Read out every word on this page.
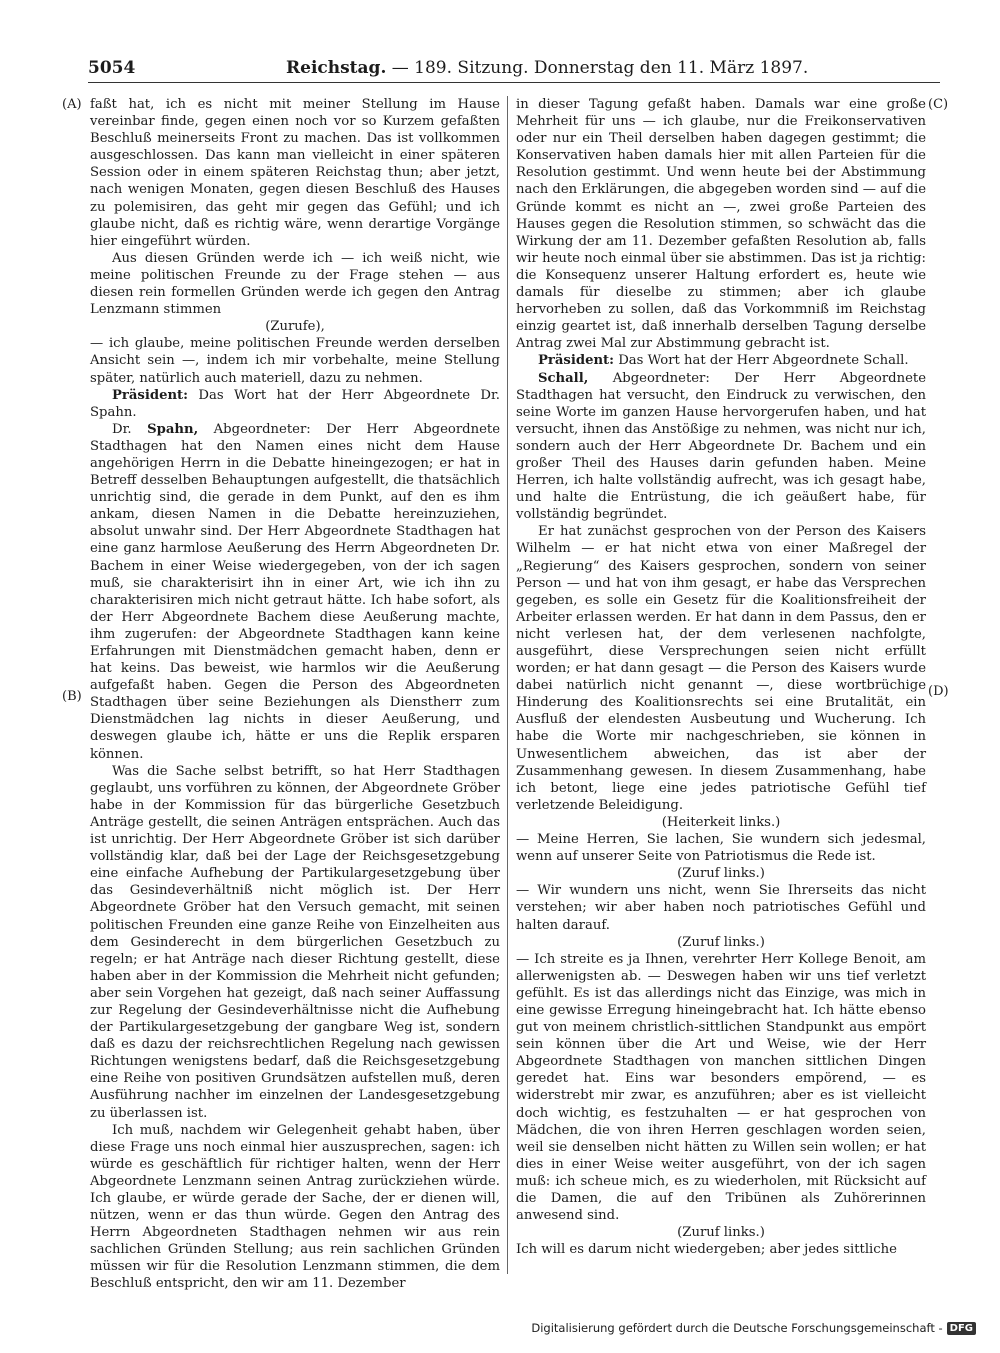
5054	Reichstag. — 189. Sitzung. Donnerstag den 11. März 1897.
(A)
(B)
(C)
(D)

faßt hat, ich es nicht mit meiner Stellung im Hause vereinbar finde, gegen einen noch vor so Kurzem gefaßten Beschluß meinerseits Front zu machen. Das ist vollkommen ausgeschlossen. Das kann man vielleicht in einer späteren Session oder in einem späteren Reichstag thun; aber jetzt, nach wenigen Monaten, gegen diesen Beschluß des Hauses zu polemisiren, das geht mir gegen das Gefühl; und ich glaube nicht, daß es richtig wäre, wenn derartige Vorgänge hier eingeführt würden.

Aus diesen Gründen werde ich — ich weiß nicht, wie meine politischen Freunde zu der Frage stehen — aus diesen rein formellen Gründen werde ich gegen den Antrag Lenzmann stimmen

(Zurufe),

— ich glaube, meine politischen Freunde werden derselben Ansicht sein —, indem ich mir vorbehalte, meine Stellung später, natürlich auch materiell, dazu zu nehmen.

Präsident: Das Wort hat der Herr Abgeordnete Dr. Spahn.

Dr. Spahn, Abgeordneter: Der Herr Abgeordnete Stadthagen hat den Namen eines nicht dem Hause angehörigen Herrn in die Debatte hineingezogen; er hat in Betreff desselben Behauptungen aufgestellt, die thatsächlich unrichtig sind, die gerade in dem Punkt, auf den es ihm ankam, diesen Namen in die Debatte hereinzuziehen, absolut unwahr sind. Der Herr Abgeordnete Stadthagen hat eine ganz harmlose Aeußerung des Herrn Abgeordneten Dr. Bachem in einer Weise wiedergegeben, von der ich sagen muß, sie charakterisirt ihn in einer Art, wie ich ihn zu charakterisiren mich nicht getraut hätte. Ich habe sofort, als der Herr Abgeordnete Bachem diese Aeußerung machte, ihm zugerufen: der Abgeordnete Stadthagen kann keine Erfahrungen mit Dienstmädchen gemacht haben, denn er hat keins. Das beweist, wie harmlos wir die Aeußerung aufgefaßt haben. Gegen die Person des Abgeordneten Stadthagen über seine Beziehungen als Dienstherr zum Dienstmädchen lag nichts in dieser Aeußerung, und deswegen glaube ich, hätte er uns die Replik ersparen können.

Was die Sache selbst betrifft, so hat Herr Stadthagen geglaubt, uns vorführen zu können, der Abgeordnete Gröber habe in der Kommission für das bürgerliche Gesetzbuch Anträge gestellt, die seinen Anträgen entsprächen. Auch das ist unrichtig. Der Herr Abgeordnete Gröber ist sich darüber vollständig klar, daß bei der Lage der Reichsgesetzgebung eine einfache Aufhebung der Partikulargesetzgebung über das Gesindeverhältniß nicht möglich ist. Der Herr Abgeordnete Gröber hat den Versuch gemacht, mit seinen politischen Freunden eine ganze Reihe von Einzelheiten aus dem Gesinderecht in dem bürgerlichen Gesetzbuch zu regeln; er hat Anträge nach dieser Richtung gestellt, diese haben aber in der Kommission die Mehrheit nicht gefunden; aber sein Vorgehen hat gezeigt, daß nach seiner Auffassung zur Regelung der Gesindeverhältnisse nicht die Aufhebung der Partikulargesetzgebung der gangbare Weg ist, sondern daß es dazu der reichsrechtlichen Regelung nach gewissen Richtungen wenigstens bedarf, daß die Reichsgesetzgebung eine Reihe von positiven Grundsätzen aufstellen muß, deren Ausführung nachher im einzelnen der Landesgesetzgebung zu überlassen ist.

Ich muß, nachdem wir Gelegenheit gehabt haben, über diese Frage uns noch einmal hier auszusprechen, sagen: ich würde es geschäftlich für richtiger halten, wenn der Herr Abgeordnete Lenzmann seinen Antrag zurückziehen würde. Ich glaube, er würde gerade der Sache, der er dienen will, nützen, wenn er das thun würde. Gegen den Antrag des Herrn Abgeordneten Stadthagen nehmen wir aus rein sachlichen Gründen Stellung; aus rein sachlichen Gründen müssen wir für die Resolution Lenzmann stimmen, die dem Beschluß entspricht, den wir am 11. Dezember

in dieser Tagung gefaßt haben. Damals war eine große Mehrheit für uns — ich glaube, nur die Freikonservativen oder nur ein Theil derselben haben dagegen gestimmt; die Konservativen haben damals hier mit allen Parteien für die Resolution gestimmt. Und wenn heute bei der Abstimmung nach den Erklärungen, die abgegeben worden sind — auf die Gründe kommt es nicht an —, zwei große Parteien des Hauses gegen die Resolution stimmen, so schwächt das die Wirkung der am 11. Dezember gefaßten Resolution ab, falls wir heute noch einmal über sie abstimmen. Das ist ja richtig: die Konsequenz unserer Haltung erfordert es, heute wie damals für dieselbe zu stimmen; aber ich glaube hervorheben zu sollen, daß das Vorkommniß im Reichstag einzig geartet ist, daß innerhalb derselben Tagung derselbe Antrag zwei Mal zur Abstimmung gebracht ist.

Präsident: Das Wort hat der Herr Abgeordnete Schall.

Schall, Abgeordneter: Der Herr Abgeordnete Stadthagen hat versucht, den Eindruck zu verwischen, den seine Worte im ganzen Hause hervorgerufen haben, und hat versucht, ihnen das Anstößige zu nehmen, was nicht nur ich, sondern auch der Herr Abgeordnete Dr. Bachem und ein großer Theil des Hauses darin gefunden haben. Meine Herren, ich halte vollständig aufrecht, was ich gesagt habe, und halte die Entrüstung, die ich geäußert habe, für vollständig begründet.

Er hat zunächst gesprochen von der Person des Kaisers Wilhelm — er hat nicht etwa von einer Maßregel der „Regierung“ des Kaisers gesprochen, sondern von seiner Person — und hat von ihm gesagt, er habe das Versprechen gegeben, es solle ein Gesetz für die Koalitionsfreiheit der Arbeiter erlassen werden. Er hat dann in dem Passus, den er nicht verlesen hat, der dem verlesenen nachfolgte, ausgeführt, diese Versprechungen seien nicht erfüllt worden; er hat dann gesagt — die Person des Kaisers wurde dabei natürlich nicht genannt —, diese wortbrüchige Hinderung des Koalitionsrechts sei eine Brutalität, ein Ausfluß der elendesten Ausbeutung und Wucherung. Ich habe die Worte mir nachgeschrieben, sie können in Unwesentlichem abweichen, das ist aber der Zusammenhang gewesen. In diesem Zusammenhang, habe ich betont, liege eine jedes patriotische Gefühl tief verletzende Beleidigung.

(Heiterkeit links.)

— Meine Herren, Sie lachen, Sie wundern sich jedesmal, wenn auf unserer Seite von Patriotismus die Rede ist.

(Zuruf links.)

— Wir wundern uns nicht, wenn Sie Ihrerseits das nicht verstehen; wir aber haben noch patriotisches Gefühl und halten darauf.

(Zuruf links.)

— Ich streite es ja Ihnen, verehrter Herr Kollege Benoit, am allerwenigsten ab. — Deswegen haben wir uns tief verletzt gefühlt. Es ist das allerdings nicht das Einzige, was mich in eine gewisse Erregung hineingebracht hat. Ich hätte ebenso gut von meinem christlich-sittlichen Standpunkt aus empört sein können über die Art und Weise, wie der Herr Abgeordnete Stadthagen von manchen sittlichen Dingen geredet hat. Eins war besonders empörend, — es widerstrebt mir zwar, es anzuführen; aber es ist vielleicht doch wichtig, es festzuhalten — er hat gesprochen von Mädchen, die von ihren Herren geschlagen worden seien, weil sie denselben nicht hätten zu Willen sein wollen; er hat dies in einer Weise weiter ausgeführt, von der ich sagen muß: ich scheue mich, es zu wiederholen, mit Rücksicht auf die Damen, die auf den Tribünen als Zuhörerinnen anwesend sind.

(Zuruf links.)

Ich will es darum nicht wiedergeben; aber jedes sittliche

Digitalisierung gefördert durch die Deutsche Forschungsgemeinschaft - DFG
